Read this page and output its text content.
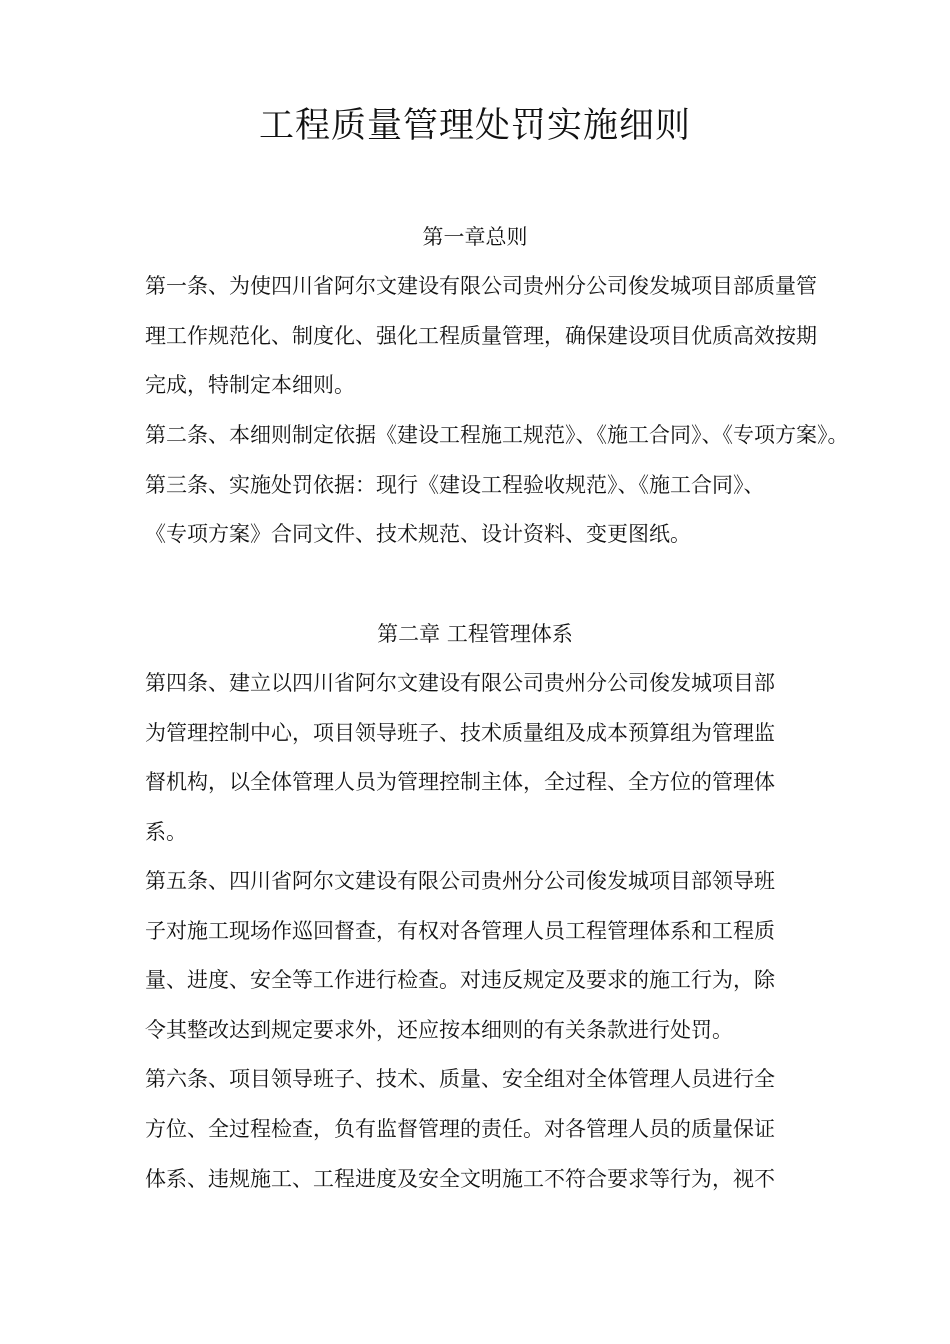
工程质量管理处罚实施细则
第一章总则
第一条、为使四川省阿尔文建设有限公司贵州分公司俊发城项目部质量管
理工作规范化、制度化、强化工程质量管理，确保建设项目优质高效按期
完成，特制定本细则。
第二条、本细则制定依据《建设工程施工规范》、《施工合同》、《专项方案》。
第三条、实施处罚依据：现行《建设工程验收规范》、《施工合同》、
《专项方案》合同文件、技术规范、设计资料、变更图纸。
第二章 工程管理体系
第四条、建立以四川省阿尔文建设有限公司贵州分公司俊发城项目部
为管理控制中心，项目领导班子、技术质量组及成本预算组为管理监
督机构，以全体管理人员为管理控制主体，全过程、全方位的管理体
系。
第五条、四川省阿尔文建设有限公司贵州分公司俊发城项目部领导班
子对施工现场作巡回督查，有权对各管理人员工程管理体系和工程质
量、进度、安全等工作进行检查。对违反规定及要求的施工行为，除
令其整改达到规定要求外，还应按本细则的有关条款进行处罚。
第六条、项目领导班子、技术、质量、安全组对全体管理人员进行全
方位、全过程检查，负有监督管理的责任。对各管理人员的质量保证
体系、违规施工、工程进度及安全文明施工不符合要求等行为，视不
